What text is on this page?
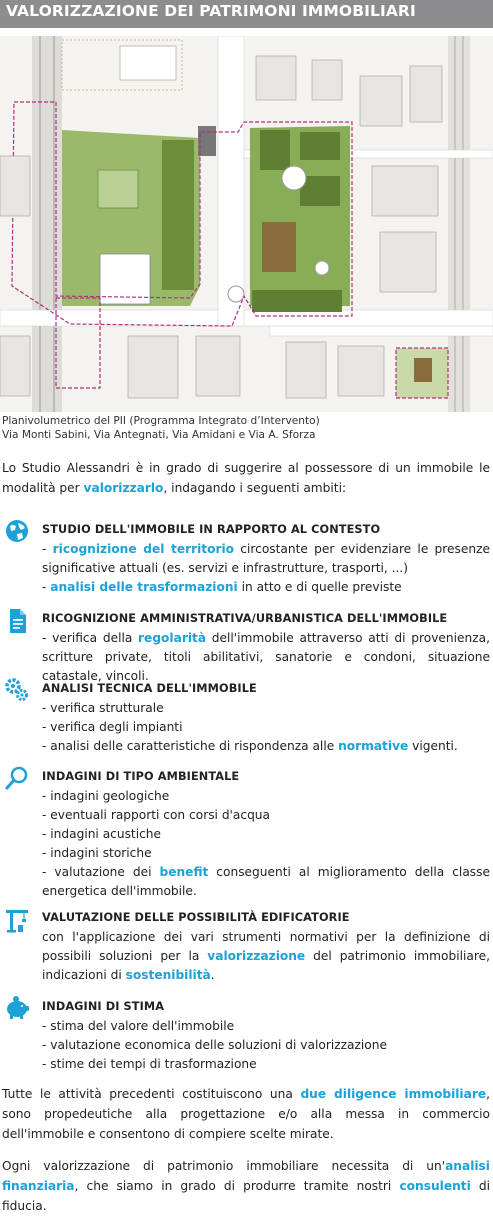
VALORIZZAZIONE DEI PATRIMONI IMMOBILIARI
Planivolumetrico del PII (Programma Integrato d’Intervento)
Via Monti Sabini, Via Antegnati, Via Amidani e Via A. Sforza
Lo Studio Alessandri è in grado di suggerire al possessore di un immobile le modalità per valorizzarlo, indagando i seguenti ambiti:
STUDIO DELL'IMMOBILE IN RAPPORTO AL CONTESTO
- ricognizione del territorio circostante per evidenziare le presenze significative attuali (es. servizi e infrastrutture, trasporti, ...)
- analisi delle trasformazioni in atto e di quelle previste
RICOGNIZIONE AMMINISTRATIVA/URBANISTICA DELL'IMMOBILE
- verifica della regolarità dell'immobile attraverso atti di provenienza, scritture private, titoli abilitativi, sanatorie e condoni, situazione catastale, vincoli.
ANALISI TECNICA DELL'IMMOBILE
- verifica strutturale
- verifica degli impianti
- analisi delle caratteristiche di rispondenza alle normative vigenti.
INDAGINI DI TIPO AMBIENTALE
- indagini geologiche
- eventuali rapporti con corsi d'acqua
- indagini acustiche
- indagini storiche
- valutazione dei benefit conseguenti al miglioramento della classe energetica dell'immobile.
VALUTAZIONE DELLE POSSIBILITÀ EDIFICATORIE
con l'applicazione dei vari strumenti normativi per la definizione di possibili soluzioni per la valorizzazione del patrimonio immobiliare, indicazioni di sostenibilità.
INDAGINI DI STIMA
- stima del valore dell'immobile
- valutazione economica delle soluzioni di valorizzazione
- stime dei tempi di trasformazione
Tutte le attività precedenti costituiscono una due diligence immobiliare, sono propedeutiche alla progettazione e/o alla messa in commercio dell'immobile e consentono di compiere scelte mirate.
Ogni valorizzazione di patrimonio immobiliare necessita di un'analisi finanziaria, che siamo in grado di produrre tramite nostri consulenti di fiducia.
